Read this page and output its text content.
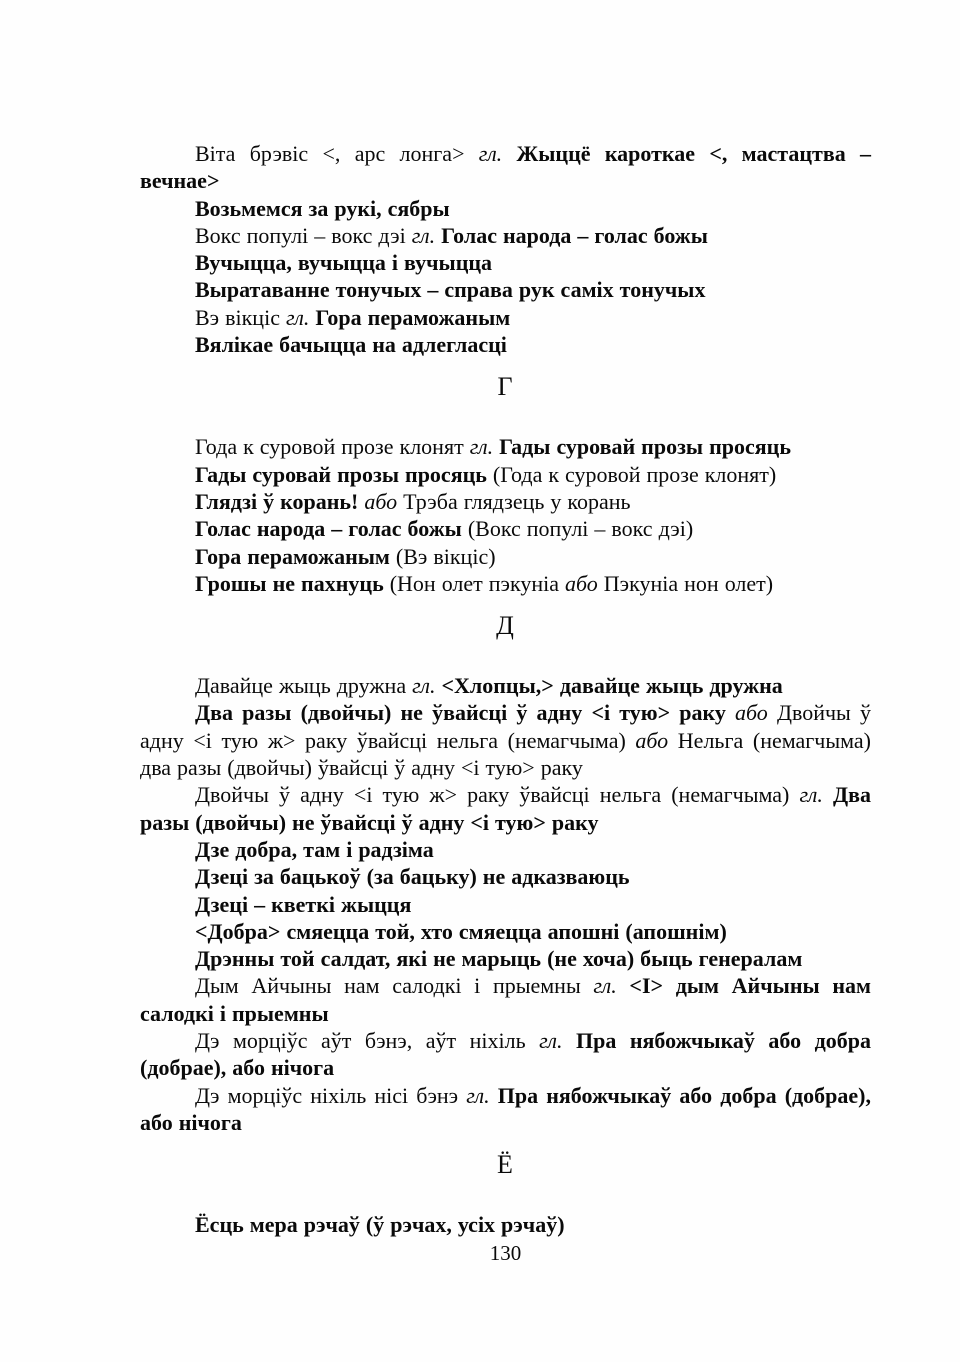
Віта брэвіс <, арс лонга> гл. Жыццё кароткае <, мастацтва – вечнае>

Возьмемся за рукі, сябры

Вокс популі – вокс дэі гл. Голас народа – голас божы

Вучыцца, вучыцца і вучыцца

Выратаванне тонучых – справа рук саміх тонучых

Вэ вікціс гл. Гора пераможаным

Вялікае бачыцца на адлегласці

Г

Года к суровой прозе клонят гл. Гады суровай прозы просяць

Гады суровай прозы просяць (Года к суровой прозе клонят)

Глядзі ў корань! або Трэба глядзець у корань

Голас народа – голас божы (Вокс популі – вокс дэі)

Гора пераможаным (Вэ вікціс)

Грошы не пахнуць (Нон олет пэкуніа або Пэкуніа нон олет)

Д

Давайце жыць дружна гл. <Хлопцы,> давайце жыць дружна

Два разы (двойчы) не ўвайсці ў адну <і тую> раку або Двойчы ў адну <і тую ж> раку ўвайсці нельга (немагчыма) або Нельга (немагчыма) два разы (двойчы) ўвайсці ў адну <і тую> раку

Двойчы ў адну <і тую ж> раку ўвайсці нельга (немагчыма) гл. Два разы (двойчы) не ўвайсці ў адну <і тую> раку

Дзе добра, там і радзіма

Дзеці за бацькоў (за бацьку) не адказваюць

Дзеці – кветкі жыцця

<Добра> смяецца той, хто смяецца апошні (апошнім)

Дрэнны той салдат, які не марыць (не хоча) быць генералам

Дым Айчыны нам салодкі і прыемны гл. <І> дым Айчыны нам салодкі і прыемны

Дэ морціўс аўт бэнэ, аўт ніхіль гл. Пра нябожчыкаў або добра (добрае), або нічога

Дэ морціўс ніхіль нісі бэнэ гл. Пра нябожчыкаў або добра (добрае), або нічога

Ё

Ёсць мера рэчаў (ў рэчах, усіх рэчаў)

130
